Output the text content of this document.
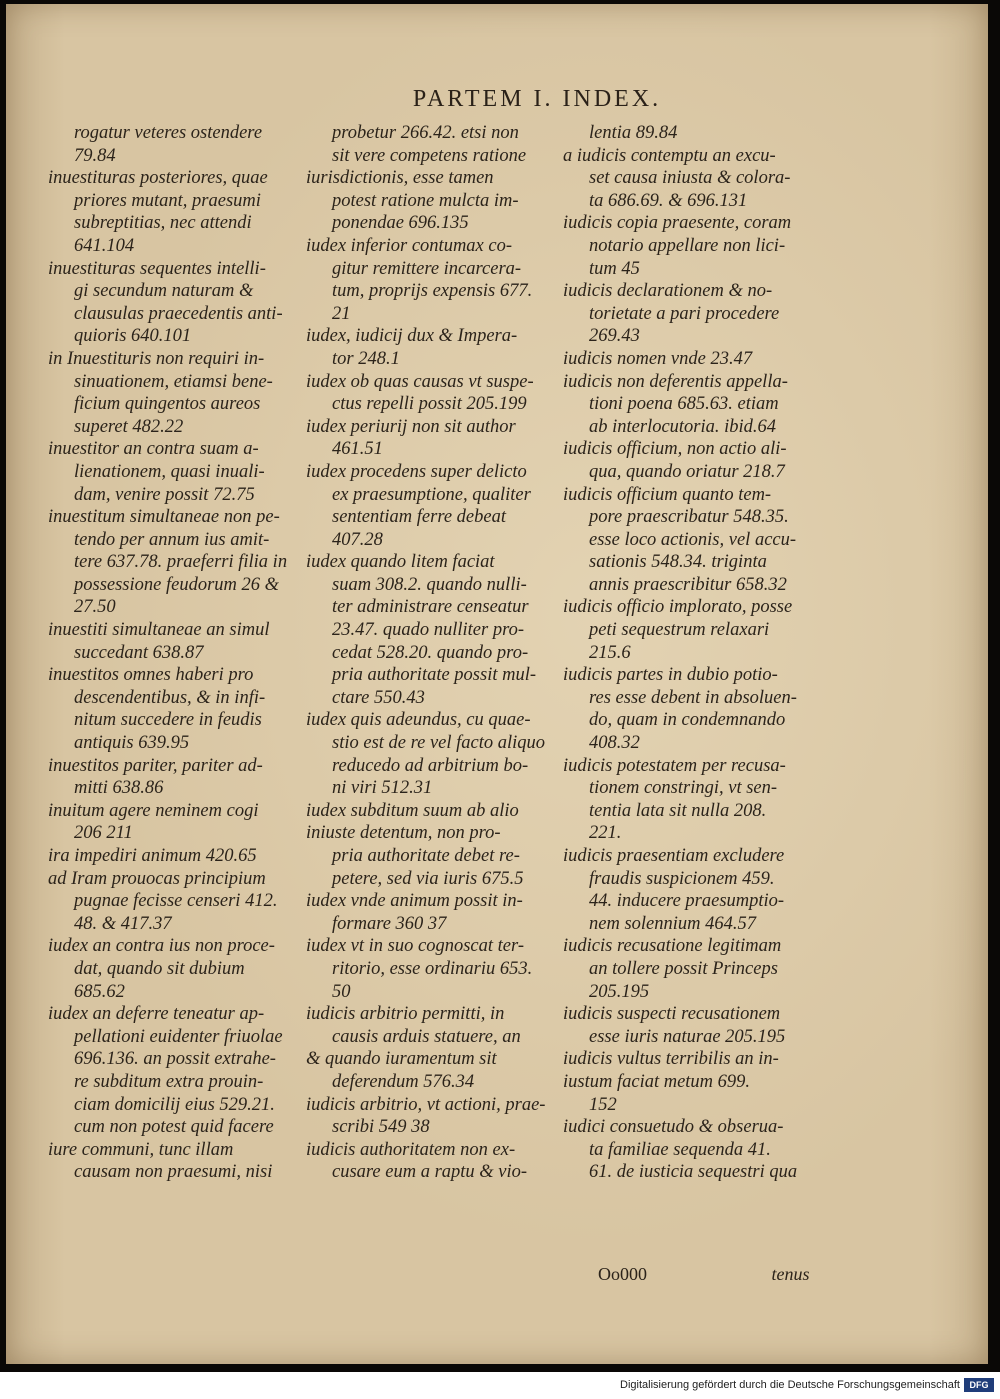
PARTEM I. INDEX.
rogatur veteres ostendere
79.84
inuestituras posteriores, quae
priores mutant, praesumi
subreptitias, nec attendi
641.104
inuestituras sequentes intelli-
gi secundum naturam &
clausulas praecedentis anti-
quioris 640.101
in Inuestituris non requiri in-
sinuationem, etiamsi bene-
ficium quingentos aureos
superet 482.22
inuestitor an contra suam a-
lienationem, quasi inuali-
dam, venire possit 72.75
inuestitum simultaneae non pe-
tendo per annum ius amit-
tere 637.78. praeferri filia in
possessione feudorum 26 &
27.50
inuestiti simultaneae an simul
succedant 638.87
inuestitos omnes haberi pro
descendentibus, & in infi-
nitum succedere in feudis
antiquis 639.95
inuestitos pariter, pariter ad-
mitti 638.86
inuitum agere neminem cogi
206 211
ira impediri animum 420.65
ad Iram prouocas principium
pugnae fecisse censeri 412.
48. & 417.37
iudex an contra ius non proce-
dat, quando sit dubium
685.62
iudex an deferre teneatur ap-
pellationi euidenter friuolae
696.136. an possit extrahe-
re subditum extra prouin-
ciam domicilij eius 529.21.
cum non potest quid facere
iure communi, tunc illam
causam non praesumi, nisi
probetur 266.42. etsi non
sit vere competens ratione
iurisdictionis, esse tamen
potest ratione mulcta im-
ponendae 696.135
iudex inferior contumax co-
gitur remittere incarcera-
tum, proprijs expensis 677.
21
iudex, iudicij dux & Impera-
tor 248.1
iudex ob quas causas vt suspe-
ctus repelli possit 205.199
iudex periurij non sit author
461.51
iudex procedens super delicto
ex praesumptione, qualiter
sententiam ferre debeat
407.28
iudex quando litem faciat
suam 308.2. quando nulli-
ter administrare censeatur
23.47. quado nulliter pro-
cedat 528.20. quando pro-
pria authoritate possit mul-
ctare 550.43
iudex quis adeundus, cu quae-
stio est de re vel facto aliquo
reducedo ad arbitrium bo-
ni viri 512.31
iudex subditum suum ab alio
iniuste detentum, non pro-
pria authoritate debet re-
petere, sed via iuris 675.5
iudex vnde animum possit in-
formare 360 37
iudex vt in suo cognoscat ter-
ritorio, esse ordinariu 653.
50
iudicis arbitrio permitti, in
causis arduis statuere, an
& quando iuramentum sit
deferendum 576.34
iudicis arbitrio, vt actioni, prae-
scribi 549 38
iudicis authoritatem non ex-
cusare eum a raptu & vio-
lentia 89.84
a iudicis contemptu an excu-
set causa iniusta & colora-
ta 686.69. & 696.131
iudicis copia praesente, coram
notario appellare non lici-
tum 45
iudicis declarationem & no-
torietate a pari procedere
269.43
iudicis nomen vnde 23.47
iudicis non deferentis appella-
tioni poena 685.63. etiam
ab interlocutoria. ibid.64
iudicis officium, non actio ali-
qua, quando oriatur 218.7
iudicis officium quanto tem-
pore praescribatur 548.35.
esse loco actionis, vel accu-
sationis 548.34. triginta
annis praescribitur 658.32
iudicis officio implorato, posse
peti sequestrum relaxari
215.6
iudicis partes in dubio potio-
res esse debent in absoluen-
do, quam in condemnando
408.32
iudicis potestatem per recusa-
tionem constringi, vt sen-
tentia lata sit nulla 208.
221.
iudicis praesentiam excludere
fraudis suspicionem 459.
44. inducere praesumptio-
nem solennium 464.57
iudicis recusatione legitimam
an tollere possit Princeps
205.195
iudicis suspecti recusationem
esse iuris naturae 205.195
iudicis vultus terribilis an in-
iustum faciat metum 699.
152
iudici consuetudo & obserua-
ta familiae sequenda 41.
61. de iusticia sequestri qua
Oo000	tenus
Digitalisierung gefördert durch die Deutsche Forschungsgemeinschaft	DFG
